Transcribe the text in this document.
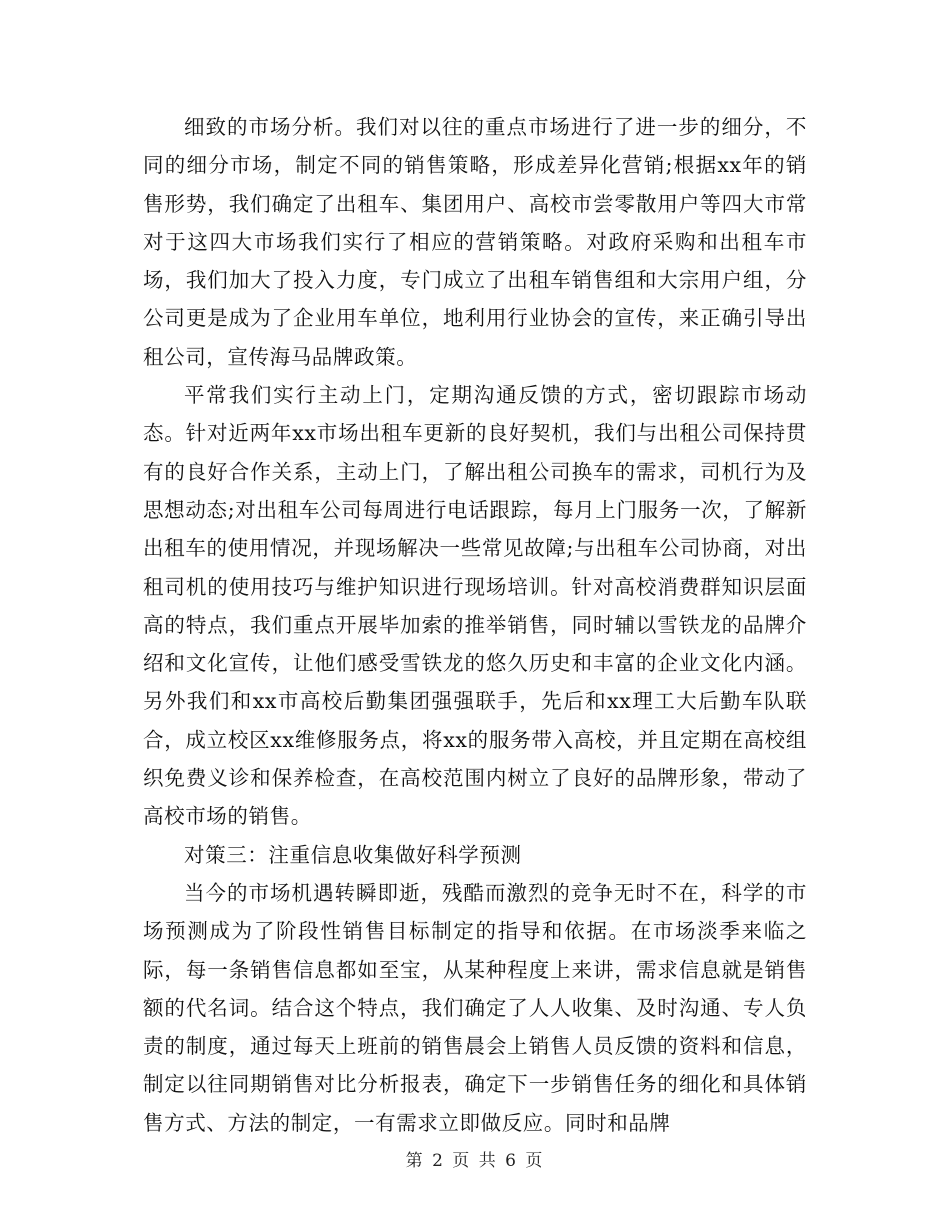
细致的市场分析。我们对以往的重点市场进行了进一步的细分，不同的细分市场，制定不同的销售策略，形成差异化营销;根据xx年的销售形势，我们确定了出租车、集团用户、高校市尝零散用户等四大市常对于这四大市场我们实行了相应的营销策略。对政府采购和出租车市场，我们加大了投入力度，专门成立了出租车销售组和大宗用户组，分公司更是成为了企业用车单位，地利用行业协会的宣传，来正确引导出租公司，宣传海马品牌政策。

平常我们实行主动上门，定期沟通反馈的方式，密切跟踪市场动态。针对近两年xx市场出租车更新的良好契机，我们与出租公司保持贯有的良好合作关系，主动上门，了解出租公司换车的需求，司机行为及思想动态;对出租车公司每周进行电话跟踪，每月上门服务一次，了解新出租车的使用情况，并现场解决一些常见故障;与出租车公司协商，对出租司机的使用技巧与维护知识进行现场培训。针对高校消费群知识层面高的特点，我们重点开展毕加索的推举销售，同时辅以雪铁龙的品牌介绍和文化宣传，让他们感受雪铁龙的悠久历史和丰富的企业文化内涵。另外我们和xx市高校后勤集团强强联手，先后和xx理工大后勤车队联合，成立校区xx维修服务点，将xx的服务带入高校，并且定期在高校组织免费义诊和保养检查，在高校范围内树立了良好的品牌形象，带动了高校市场的销售。

对策三：注重信息收集做好科学预测

当今的市场机遇转瞬即逝，残酷而激烈的竞争无时不在，科学的市场预测成为了阶段性销售目标制定的指导和依据。在市场淡季来临之际，每一条销售信息都如至宝，从某种程度上来讲，需求信息就是销售额的代名词。结合这个特点，我们确定了人人收集、及时沟通、专人负责的制度，通过每天上班前的销售晨会上销售人员反馈的资料和信息，制定以往同期销售对比分析报表，确定下一步销售任务的细化和具体销售方式、方法的制定，一有需求立即做反应。同时和品牌

第 2 页 共 6 页
